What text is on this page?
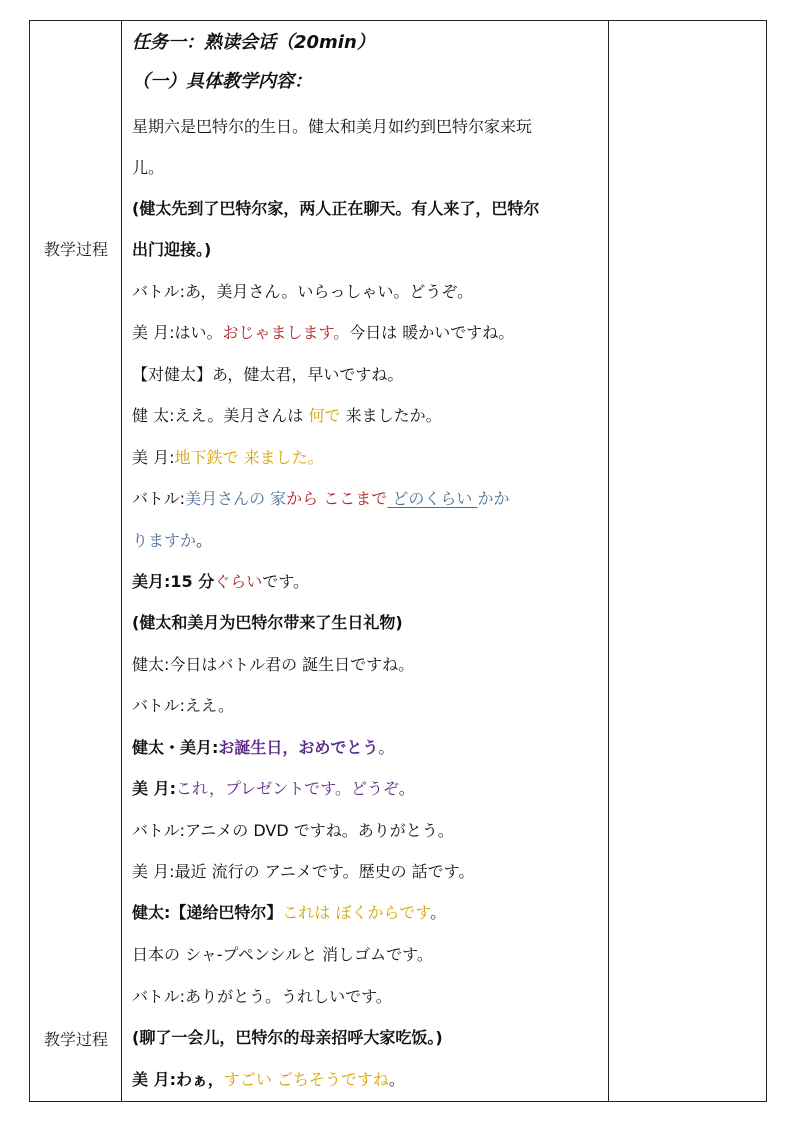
教学过程
教学过程
任务一：熟读会话（20min）
（一）具体教学内容：
星期六是巴特尔的生日。健太和美月如约到巴特尔家来玩
儿。
(健太先到了巴特尔家，两人正在聊天。有人来了，巴特尔
出门迎接。)
バトル:あ，美月さん。いらっしゃい。どうぞ。
美 月:はい。おじゃまします。今日は 暖かいですね。
【对健太】あ，健太君，早いですね。
健 太:ええ。美月さんは 何で 来ましたか。
美 月:地下鉄で 来ました。
バトル:美月さんの 家から ここまで どのくらい かか
りますか。
美月:15 分ぐらいです。
(健太和美月为巴特尔带来了生日礼物)
健太:今日はバトル君の 誕生日ですね。
バトル:ええ。
健太・美月:お誕生日，おめでとう。
美 月:これ，プレゼントです。どうぞ。
バトル:アニメの DVD ですね。ありがとう。
美 月:最近 流行の アニメです。歴史の 話です。
健太:【递给巴特尔】これは ぼくからです。
日本の シャ-プペンシルと 消しゴムです。
バトル:ありがとう。うれしいです。
(聊了一会儿，巴特尔的母亲招呼大家吃饭。)
美 月:わぁ，すごい ごちそうですね。
